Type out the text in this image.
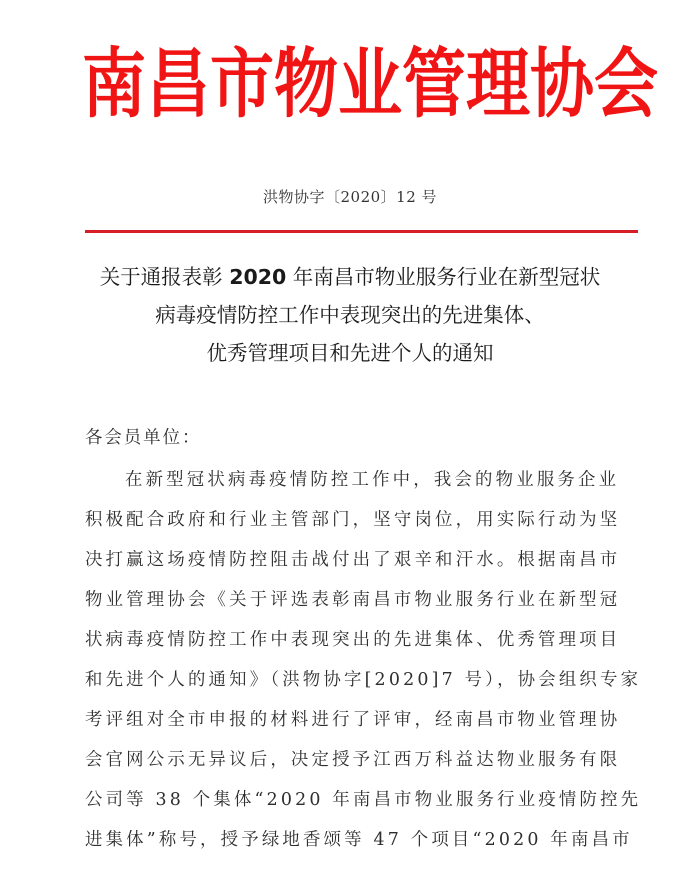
南 昌 市 物 业 管 理 协 会
洪物协字〔2020〕12 号
关于通报表彰 2020 年南昌市物业服务行业在新型冠状
病毒疫情防控工作中表现突出的先进集体、
优秀管理项目和先进个人的通知
各会员单位：
在新型冠状病毒疫情防控工作中，我会的物业服务企业
积极配合政府和行业主管部门，坚守岗位，用实际行动为坚
决打赢这场疫情防控阻击战付出了艰辛和汗水。根据南昌市
物业管理协会《关于评选表彰南昌市物业服务行业在新型冠
状病毒疫情防控工作中表现突出的先进集体、优秀管理项目
和先进个人的通知》（洪物协字[2020]7 号），协会组织专家
考评组对全市申报的材料进行了评审，经南昌市物业管理协
会官网公示无异议后，决定授予江西万科益达物业服务有限
公司等 38 个集体“2020 年南昌市物业服务行业疫情防控先
进集体”称号，授予绿地香颂等 47 个项目“2020 年南昌市
